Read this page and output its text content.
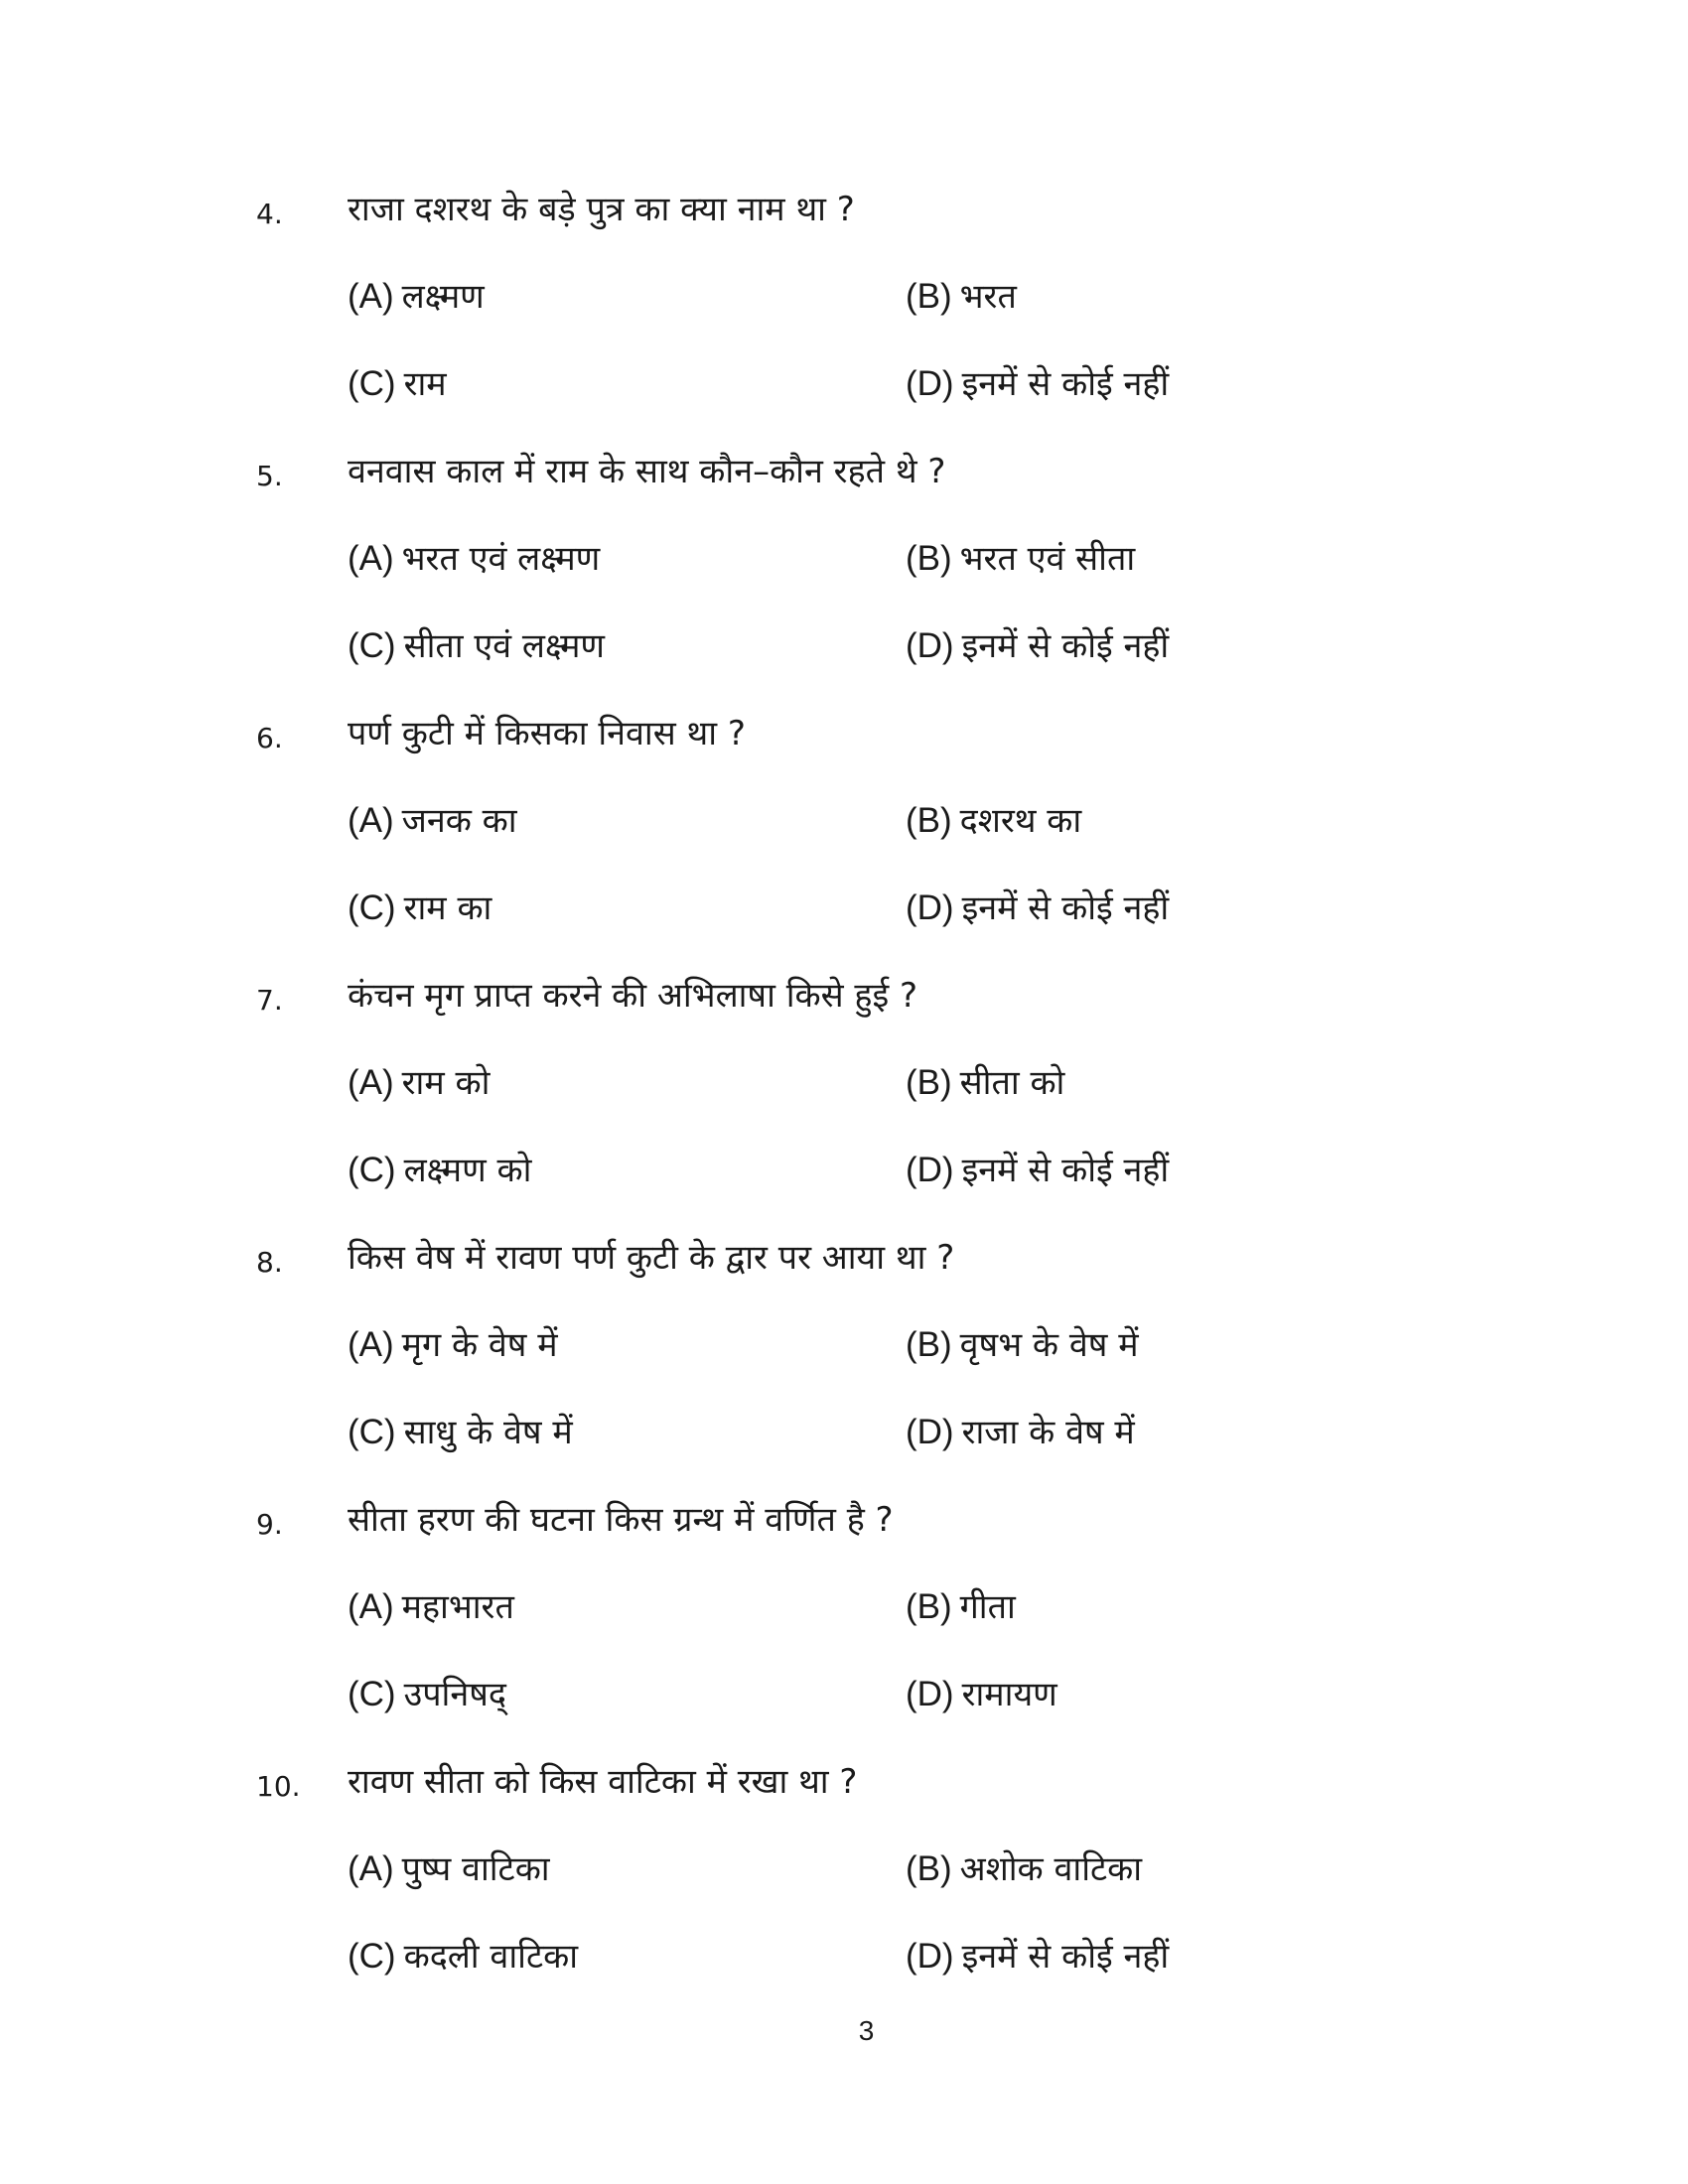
4. राजा दशरथ के बड़े पुत्र का क्या नाम था ?
(A) लक्ष्मण	(B) भरत
(C) राम	(D) इनमें से कोई नहीं
5. वनवास काल में राम के साथ कौन–कौन रहते थे ?
(A) भरत एवं लक्ष्मण	(B) भरत एवं सीता
(C) सीता एवं लक्ष्मण	(D) इनमें से कोई नहीं
6. पर्ण कुटी में किसका निवास था ?
(A) जनक का	(B) दशरथ का
(C) राम का	(D) इनमें से कोई नहीं
7. कंचन मृग प्राप्त करने की अभिलाषा किसे हुई ?
(A) राम को	(B) सीता को
(C) लक्ष्मण को	(D) इनमें से कोई नहीं
8. किस वेष में रावण पर्ण कुटी के द्वार पर आया था ?
(A) मृग के वेष में	(B) वृषभ के वेष में
(C) साधु के वेष में	(D) राजा के वेष में
9. सीता हरण की घटना किस ग्रन्थ में वर्णित है ?
(A) महाभारत	(B) गीता
(C) उपनिषद्	(D) रामायण
10. रावण सीता को किस वाटिका में रखा था ?
(A) पुष्प वाटिका	(B) अशोक वाटिका
(C) कदली वाटिका	(D) इनमें से कोई नहीं
3
